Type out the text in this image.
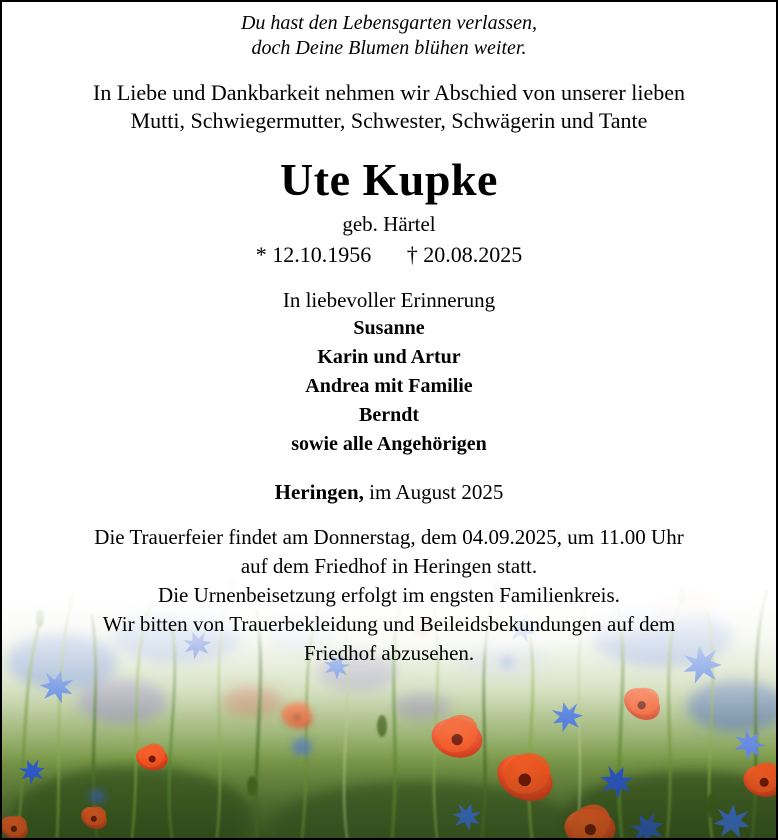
Du hast den Lebensgarten verlassen,
doch Deine Blumen blühen weiter.
In Liebe und Dankbarkeit nehmen wir Abschied von unserer lieben
Mutti, Schwiegermutter, Schwester, Schwägerin und Tante
Ute Kupke
geb. Härtel
* 12.10.1956 † 20.08.2025
In liebevoller Erinnerung
Susanne
Karin und Artur
Andrea mit Familie
Berndt
sowie alle Angehörigen
Heringen, im August 2025
Die Trauerfeier findet am Donnerstag, dem 04.09.2025, um 11.00 Uhr
auf dem Friedhof in Heringen statt.
Die Urnenbeisetzung erfolgt im engsten Familienkreis.
Wir bitten von Trauerbekleidung und Beileidsbekundungen auf dem
Friedhof abzusehen.
